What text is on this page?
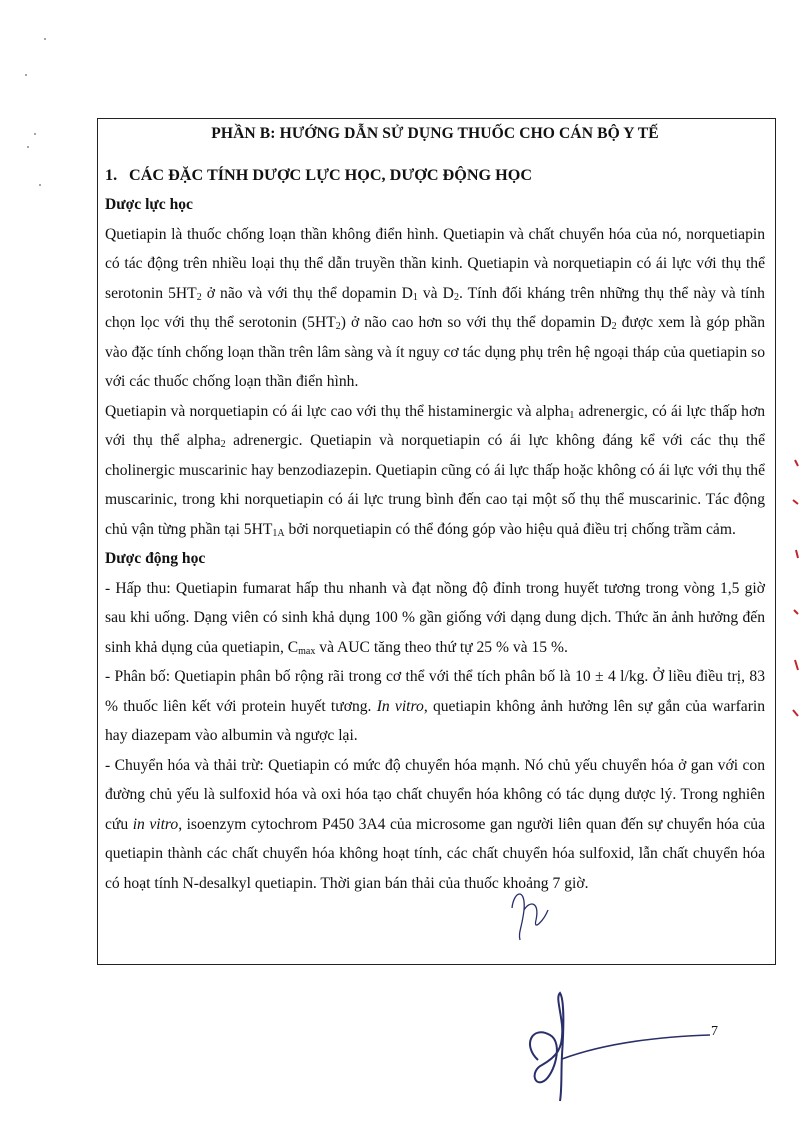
PHẦN B: HƯỚNG DẪN SỬ DỤNG THUỐC CHO CÁN BỘ Y TẾ

1. CÁC ĐẶC TÍNH DƯỢC LỰC HỌC, DƯỢC ĐỘNG HỌC

Dược lực học

Quetiapin là thuốc chống loạn thần không điển hình. Quetiapin và chất chuyển hóa của nó, norquetiapin có tác động trên nhiều loại thụ thể dẫn truyền thần kinh. Quetiapin và norquetiapin có ái lực với thụ thể serotonin $5HT_2$ ở não và với thụ thể dopamin $D_1$ và $D_2$. Tính đối kháng trên những thụ thể này và tính chọn lọc với thụ thể serotonin $(5HT_2)$ ở não cao hơn so với thụ thể dopamin $D_2$ được xem là góp phần vào đặc tính chống loạn thần trên lâm sàng và ít nguy cơ tác dụng phụ trên hệ ngoại tháp của quetiapin so với các thuốc chống loạn thần điển hình.

Quetiapin và norquetiapin có ái lực cao với thụ thể histaminergic và alpha$_1$ adrenergic, có ái lực thấp hơn với thụ thể alpha$_2$ adrenergic. Quetiapin và norquetiapin có ái lực không đáng kể với các thụ thể cholinergic muscarinic hay benzodiazepin. Quetiapin cũng có ái lực thấp hoặc không có ái lực với thụ thể muscarinic, trong khi norquetiapin có ái lực trung bình đến cao tại một số thụ thể muscarinic. Tác động chủ vận từng phần tại $5HT_{1A}$ bởi norquetiapin có thể đóng góp vào hiệu quả điều trị chống trầm cảm.

Dược động học

- Hấp thu: Quetiapin fumarat hấp thu nhanh và đạt nồng độ đỉnh trong huyết tương trong vòng 1,5 giờ sau khi uống. Dạng viên có sinh khả dụng 100 % gần giống với dạng dung dịch. Thức ăn ảnh hưởng đến sinh khả dụng của quetiapin, $C_{max}$ và AUC tăng theo thứ tự 25 % và 15 %.

- Phân bố: Quetiapin phân bố rộng rãi trong cơ thể với thể tích phân bố là 10 ± 4 l/kg. Ở liều điều trị, 83 % thuốc liên kết với protein huyết tương. In vitro, quetiapin không ảnh hưởng lên sự gắn của warfarin hay diazepam vào albumin và ngược lại.

- Chuyển hóa và thải trừ: Quetiapin có mức độ chuyển hóa mạnh. Nó chủ yếu chuyển hóa ở gan với con đường chủ yếu là sulfoxid hóa và oxi hóa tạo chất chuyển hóa không có tác dụng dược lý. Trong nghiên cứu in vitro, isoenzym cytochrom P450 3A4 của microsome gan người liên quan đến sự chuyển hóa của quetiapin thành các chất chuyển hóa không hoạt tính, các chất chuyển hóa sulfoxid, lẫn chất chuyển hóa có hoạt tính N-desalkyl quetiapin. Thời gian bán thải của thuốc khoảng 7 giờ.

7
